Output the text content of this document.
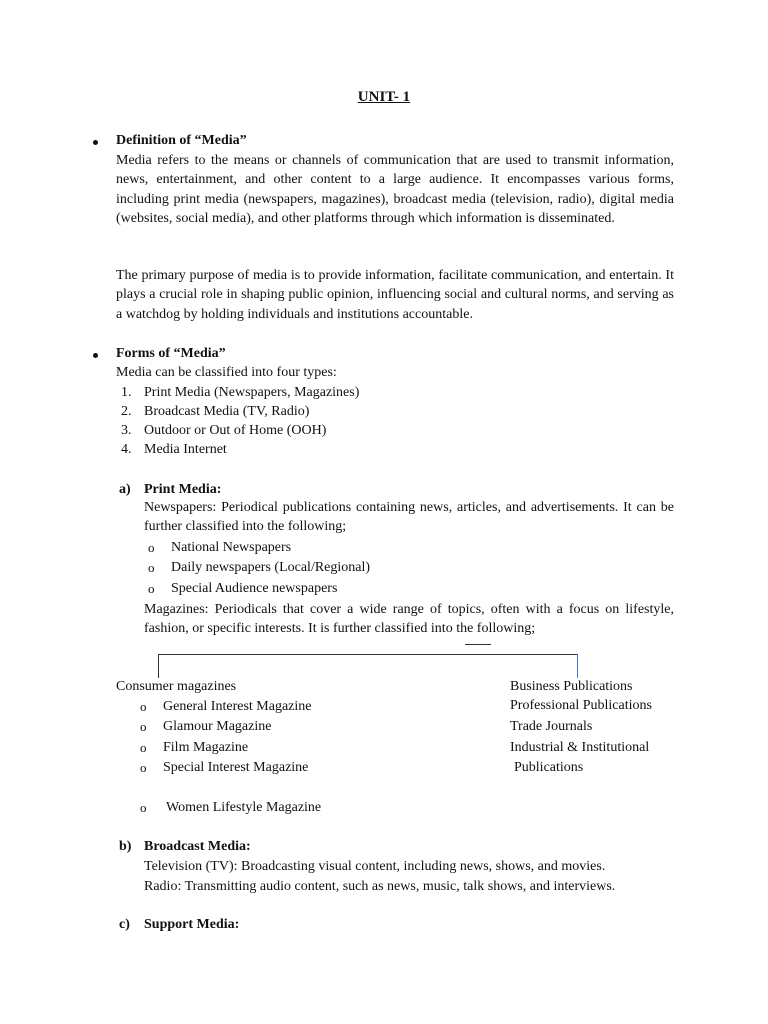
UNIT- 1
Definition of “Media”
Media refers to the means or channels of communication that are used to transmit information, news, entertainment, and other content to a large audience. It encompasses various forms, including print media (newspapers, magazines), broadcast media (television, radio), digital media (websites, social media), and other platforms through which information is disseminated.
The primary purpose of media is to provide information, facilitate communication, and entertain. It plays a crucial role in shaping public opinion, influencing social and cultural norms, and serving as a watchdog by holding individuals and institutions accountable.
Forms of “Media”
Media can be classified into four types:
1. Print Media (Newspapers, Magazines)
2. Broadcast Media (TV, Radio)
3. Outdoor or Out of Home (OOH)
4. Media Internet
a) Print Media:
Newspapers: Periodical publications containing news, articles, and advertisements. It can be further classified into the following;
o National Newspapers
o Daily newspapers (Local/Regional)
o Special Audience newspapers
Magazines: Periodicals that cover a wide range of topics, often with a focus on lifestyle, fashion, or specific interests. It is further classified into the following;
Consumer magazines
o General Interest Magazine
o Glamour Magazine
o Film Magazine
o Special Interest Magazine
o Women Lifestyle Magazine
Business Publications
Professional Publications
Trade Journals
Industrial & Institutional
Publications
b) Broadcast Media:
Television (TV): Broadcasting visual content, including news, shows, and movies.
Radio: Transmitting audio content, such as news, music, talk shows, and interviews.
c) Support Media:
